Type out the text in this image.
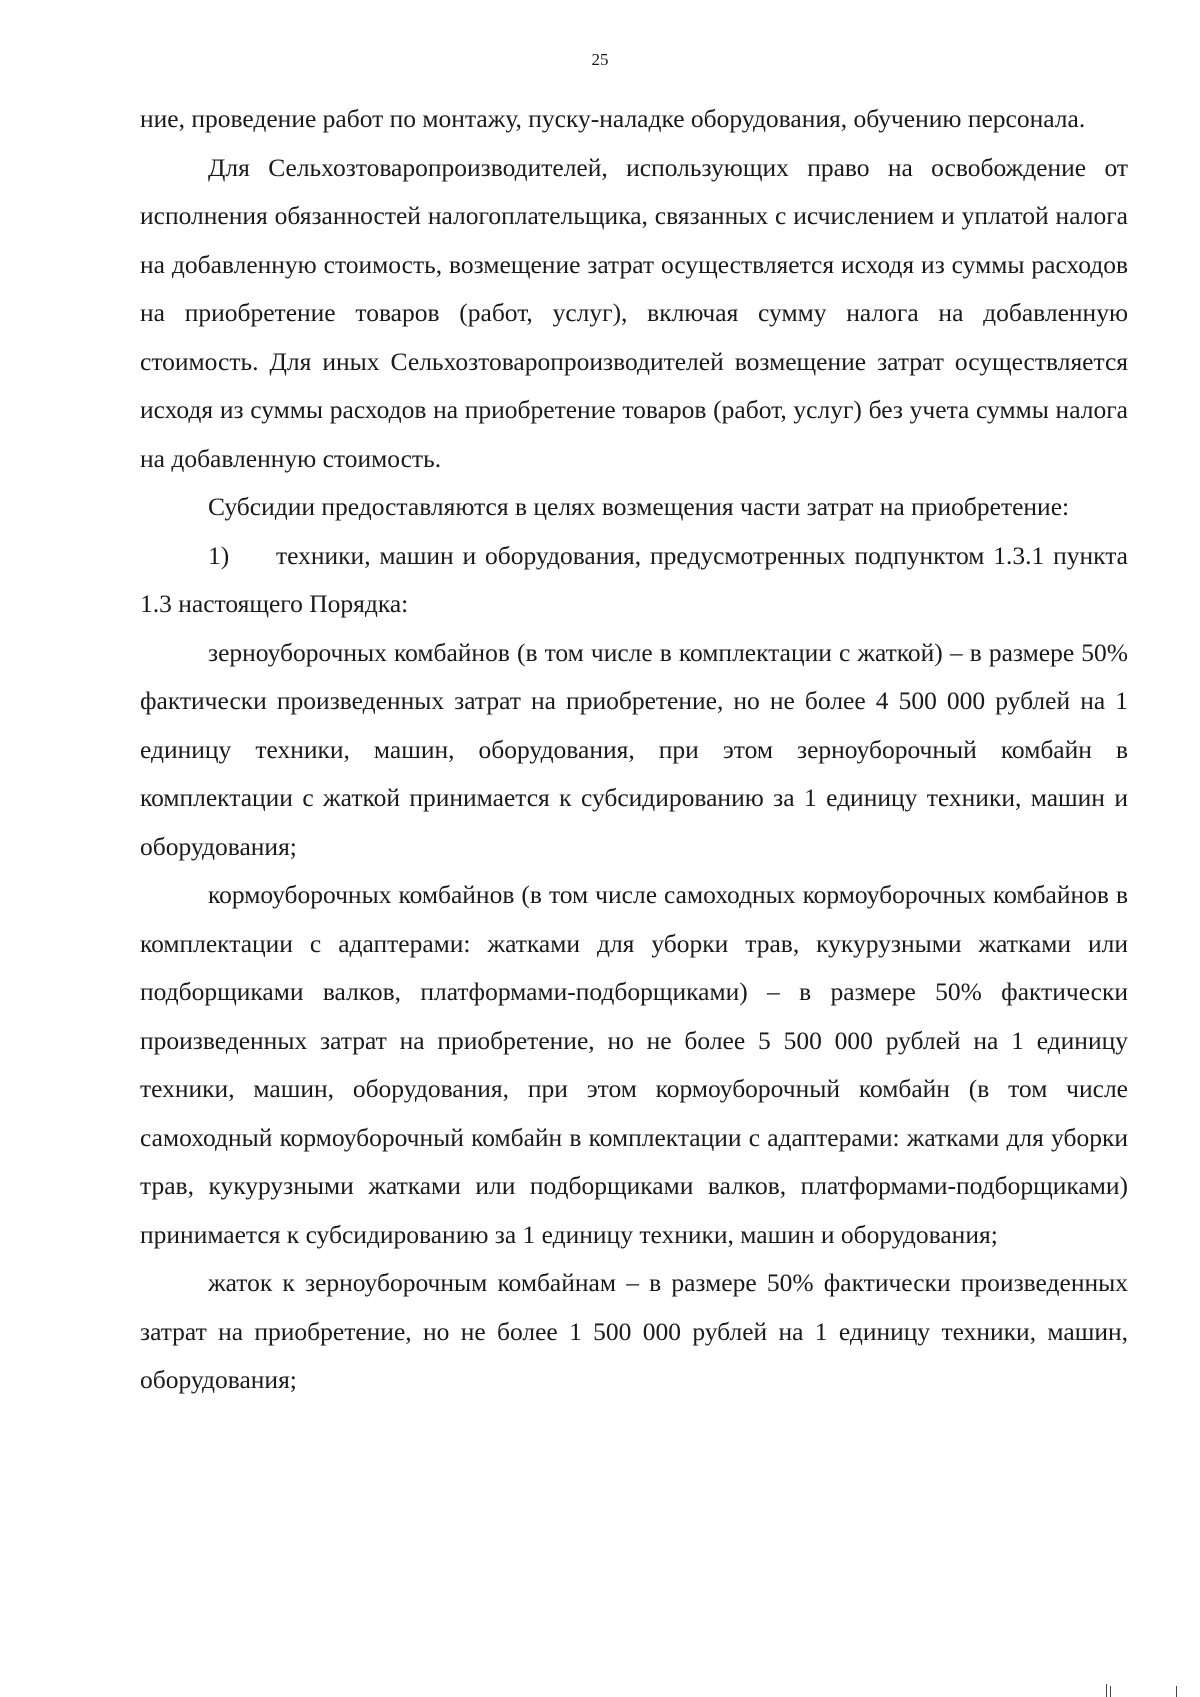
25

ние, проведение работ по монтажу, пуску-наладке оборудования, обучению персонала.

Для Сельхозтоваропроизводителей, использующих право на освобождение от исполнения обязанностей налогоплательщика, связанных с исчислением и уплатой налога на добавленную стоимость, возмещение затрат осуществляется исходя из суммы расходов на приобретение товаров (работ, услуг), включая сумму налога на добавленную стоимость. Для иных Сельхозтоваропроизводителей возмещение затрат осуществляется исходя из суммы расходов на приобретение товаров (работ, услуг) без учета суммы налога на добавленную стоимость.

Субсидии предоставляются в целях возмещения части затрат на приобретение:

1) техники, машин и оборудования, предусмотренных подпунктом 1.3.1 пункта 1.3 настоящего Порядка:

зерноуборочных комбайнов (в том числе в комплектации с жаткой) – в размере 50% фактически произведенных затрат на приобретение, но не более 4 500 000 рублей на 1 единицу техники, машин, оборудования, при этом зерноуборочный комбайн в комплектации с жаткой принимается к субсидированию за 1 единицу техники, машин и оборудования;

кормоуборочных комбайнов (в том числе самоходных кормоуборочных комбайнов в комплектации с адаптерами: жатками для уборки трав, кукурузными жатками или подборщиками валков, платформами-подборщиками) – в размере 50% фактически произведенных затрат на приобретение, но не более 5 500 000 рублей на 1 единицу техники, машин, оборудования, при этом кормоуборочный комбайн (в том числе самоходный кормоуборочный комбайн в комплектации с адаптерами: жатками для уборки трав, кукурузными жатками или подборщиками валков, платформами-подборщиками) принимается к субсидированию за 1 единицу техники, машин и оборудования;

жаток к зерноуборочным комбайнам – в размере 50% фактически произведенных затрат на приобретение, но не более 1 500 000 рублей на 1 единицу техники, машин, оборудования;
